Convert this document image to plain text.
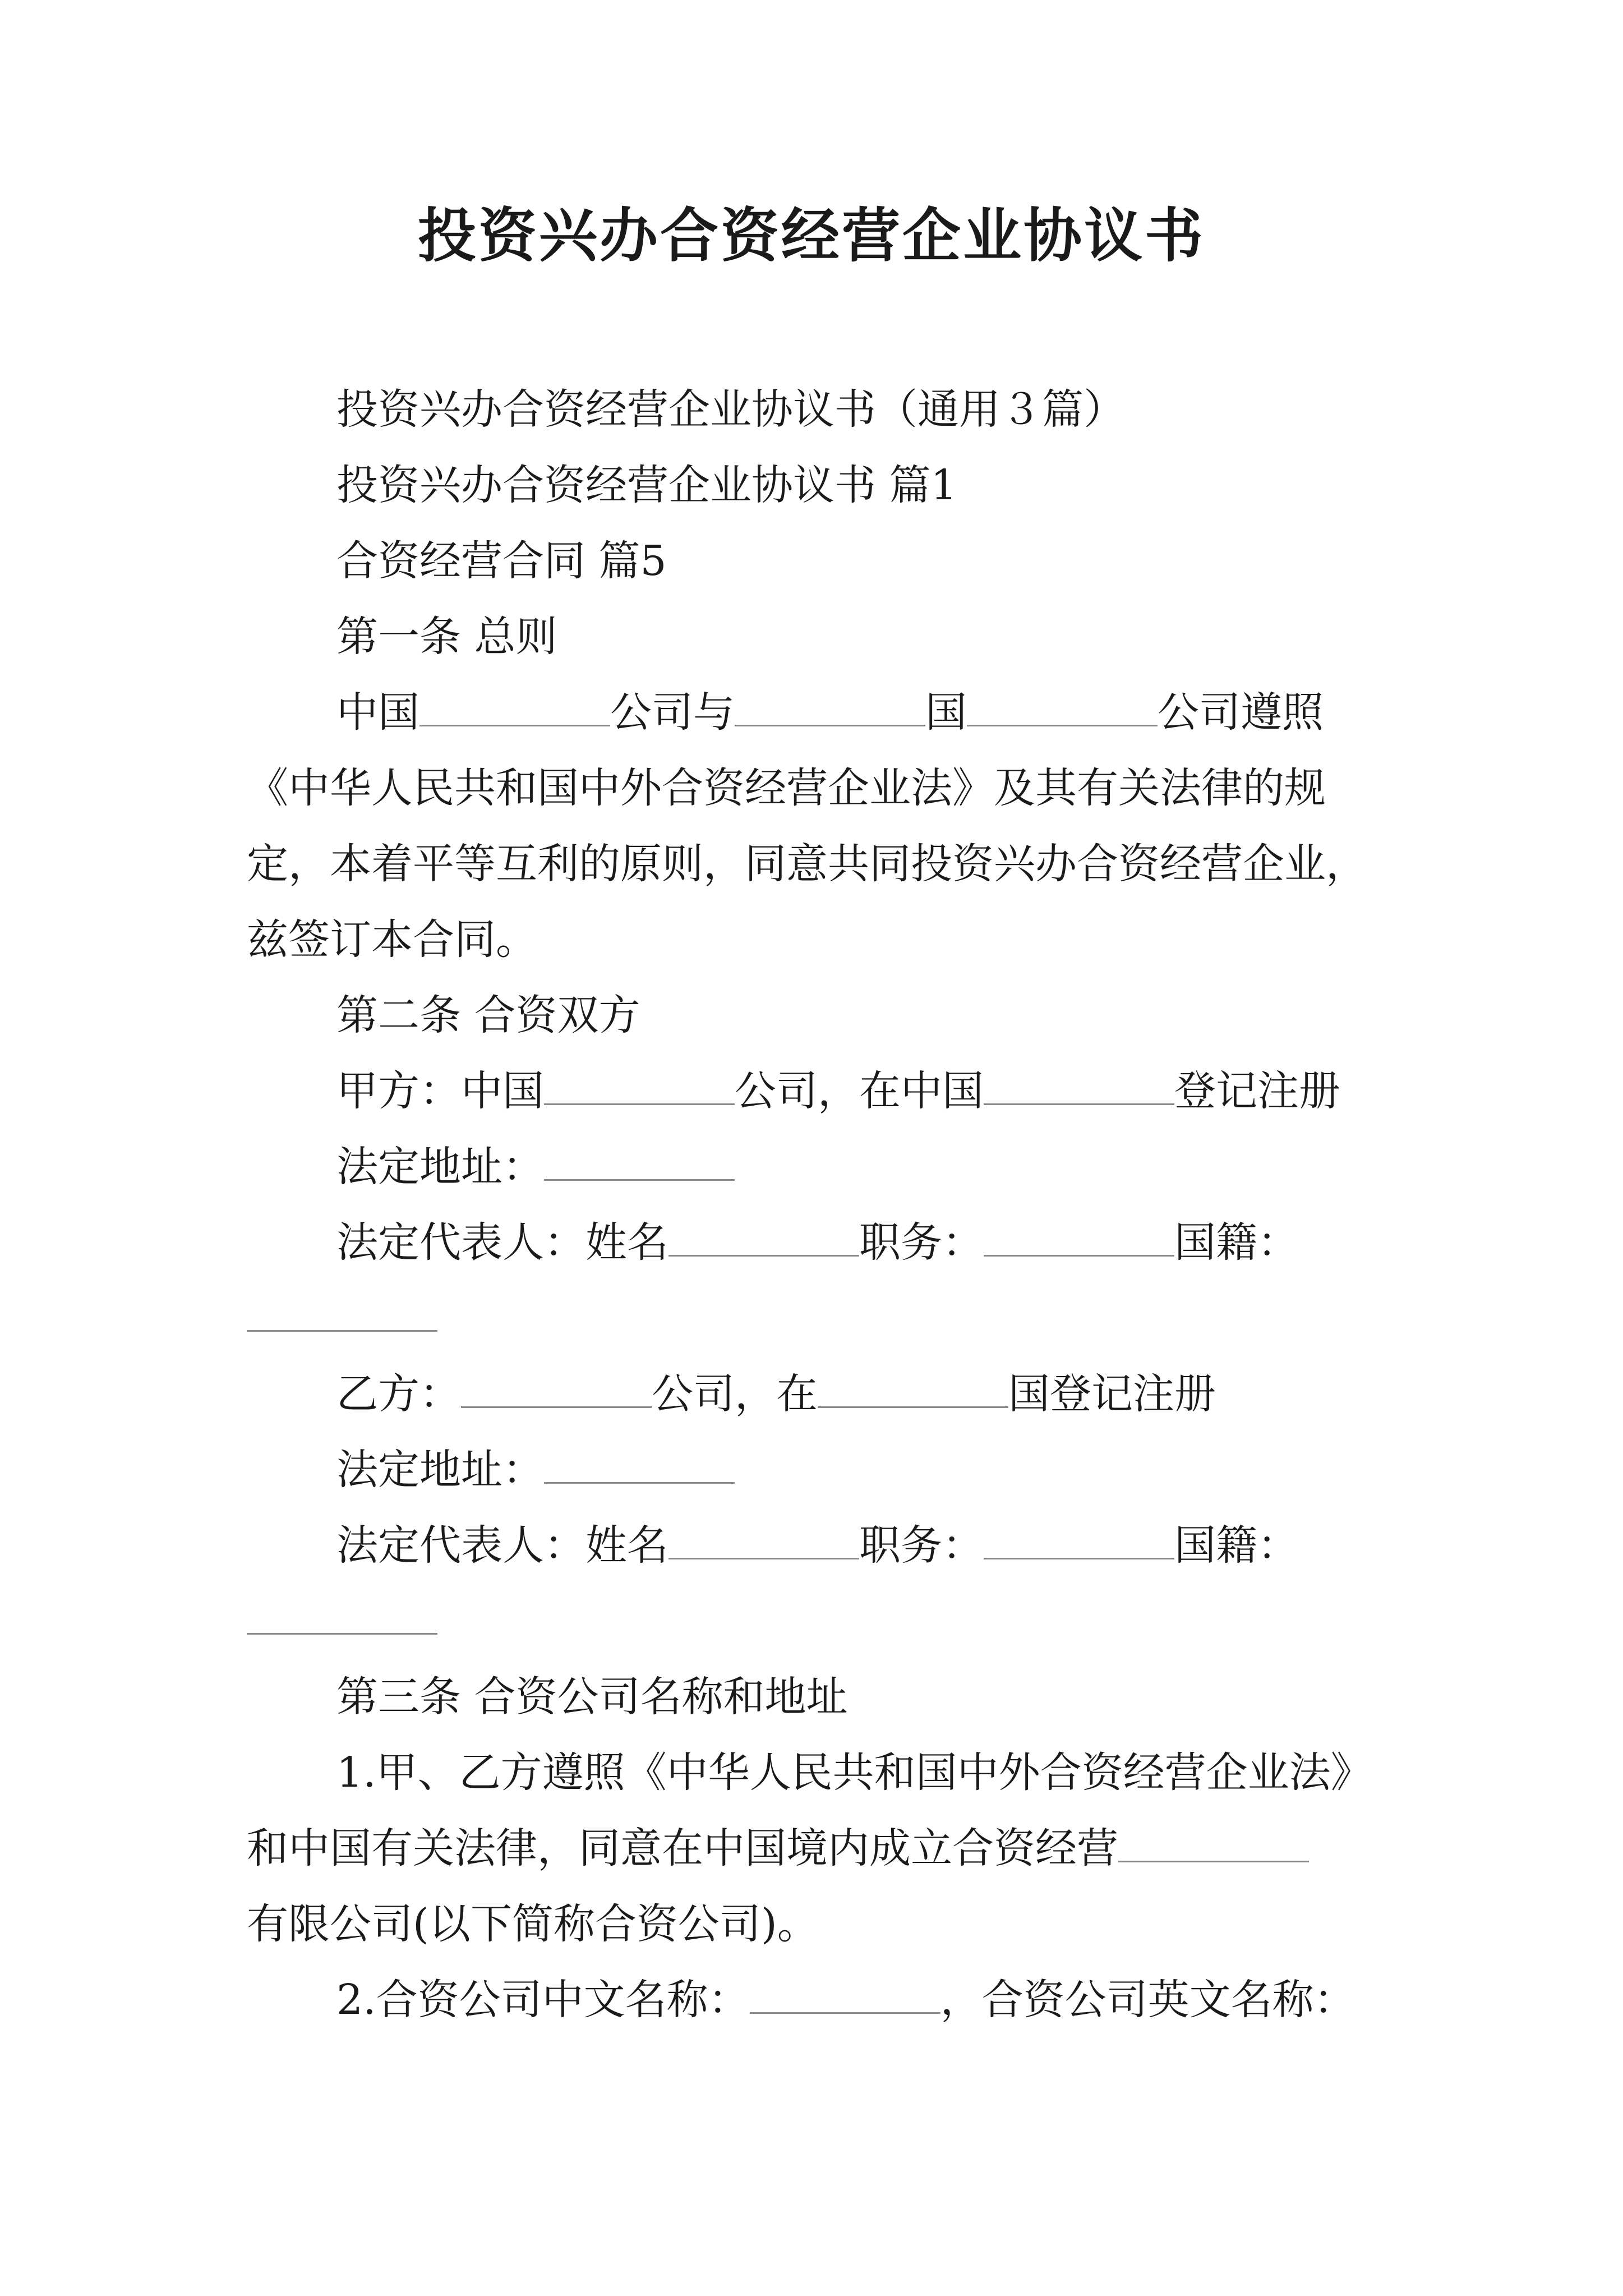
投资兴办合资经营企业协议书
投资兴办合资经营企业协议书（通用３篇）
投资兴办合资经营企业协议书 篇1
合资经营合同 篇5
第一条 总则
中国	公司与	国	公司遵照
《中华人民共和国中外合资经营企业法》及其有关法律的规
定，本着平等互利的原则，同意共同投资兴办合资经营企业，
兹签订本合同。
第二条 合资双方
甲方：中国	公司，在中国	登记注册
法定地址：
法定代表人：姓名	职务：	国籍：
乙方：	公司，在	国登记注册
法定地址：
法定代表人：姓名	职务：	国籍：
第三条 合资公司名称和地址
1.甲、乙方遵照《中华人民共和国中外合资经营企业法》
和中国有关法律，同意在中国境内成立合资经营
有限公司(以下简称合资公司)。
2.合资公司中文名称：	，合资公司英文名称：
